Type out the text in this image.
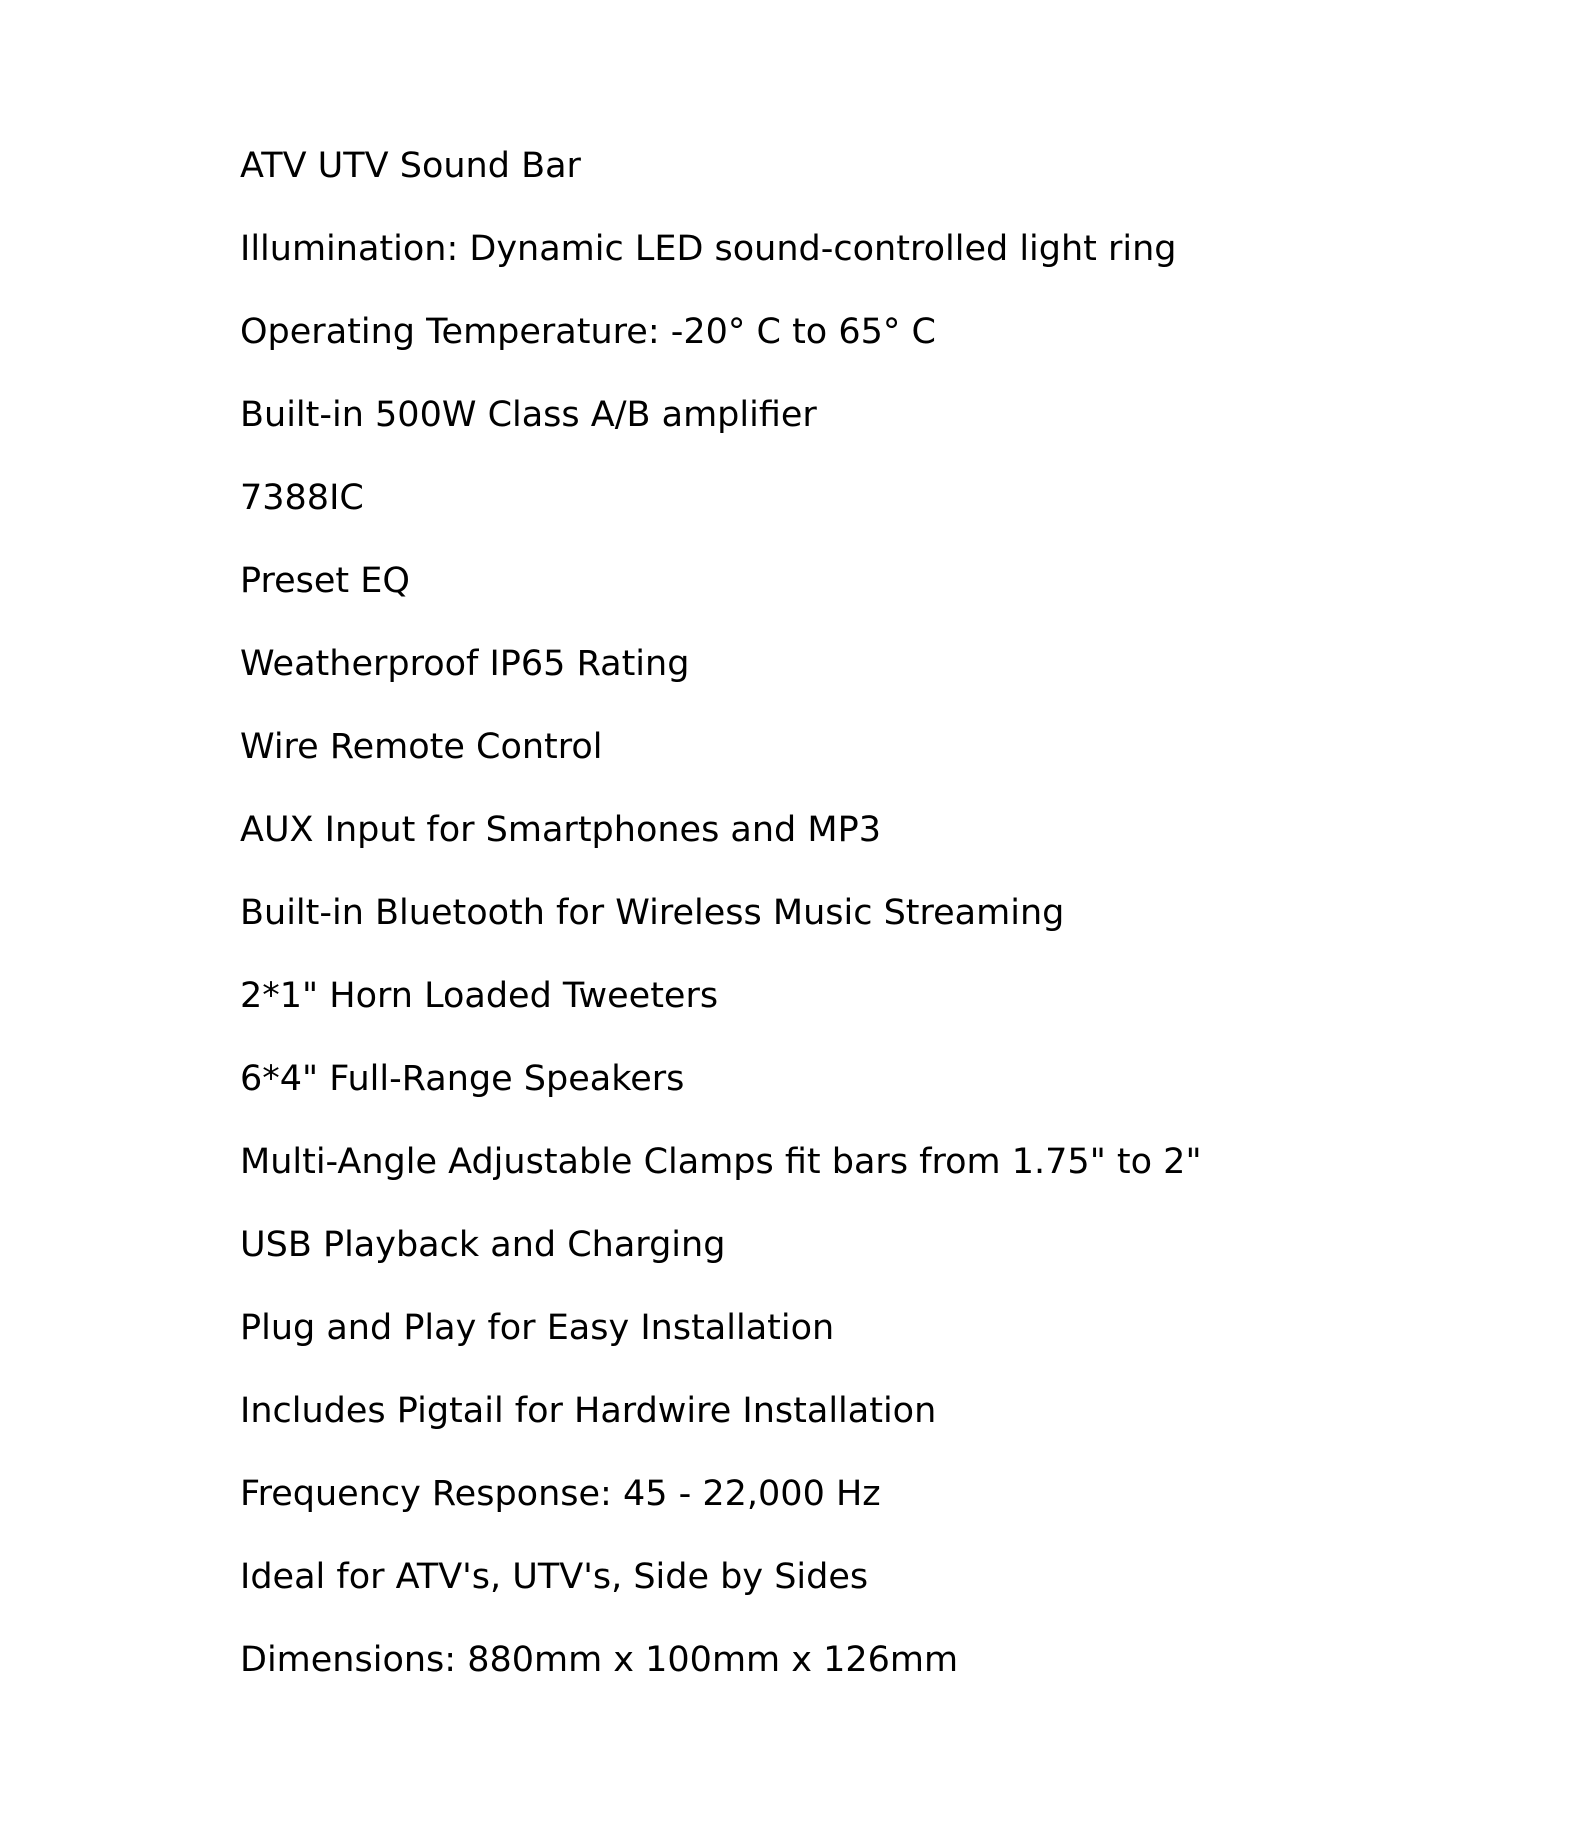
ATV UTV Sound Bar
Illumination: Dynamic LED sound-controlled light ring
Operating Temperature: -20° C to 65° C
Built-in 500W Class A/B amplifier
7388IC
Preset EQ
Weatherproof IP65 Rating
Wire Remote Control
AUX Input for Smartphones and MP3
Built-in Bluetooth for Wireless Music Streaming
2*1" Horn Loaded Tweeters
6*4" Full-Range Speakers
Multi-Angle Adjustable Clamps fit bars from 1.75" to 2"
USB Playback and Charging
Plug and Play for Easy Installation
Includes Pigtail for Hardwire Installation
Frequency Response: 45 - 22,000 Hz
Ideal for ATV's, UTV's, Side by Sides
Dimensions: 880mm x 100mm x 126mm
